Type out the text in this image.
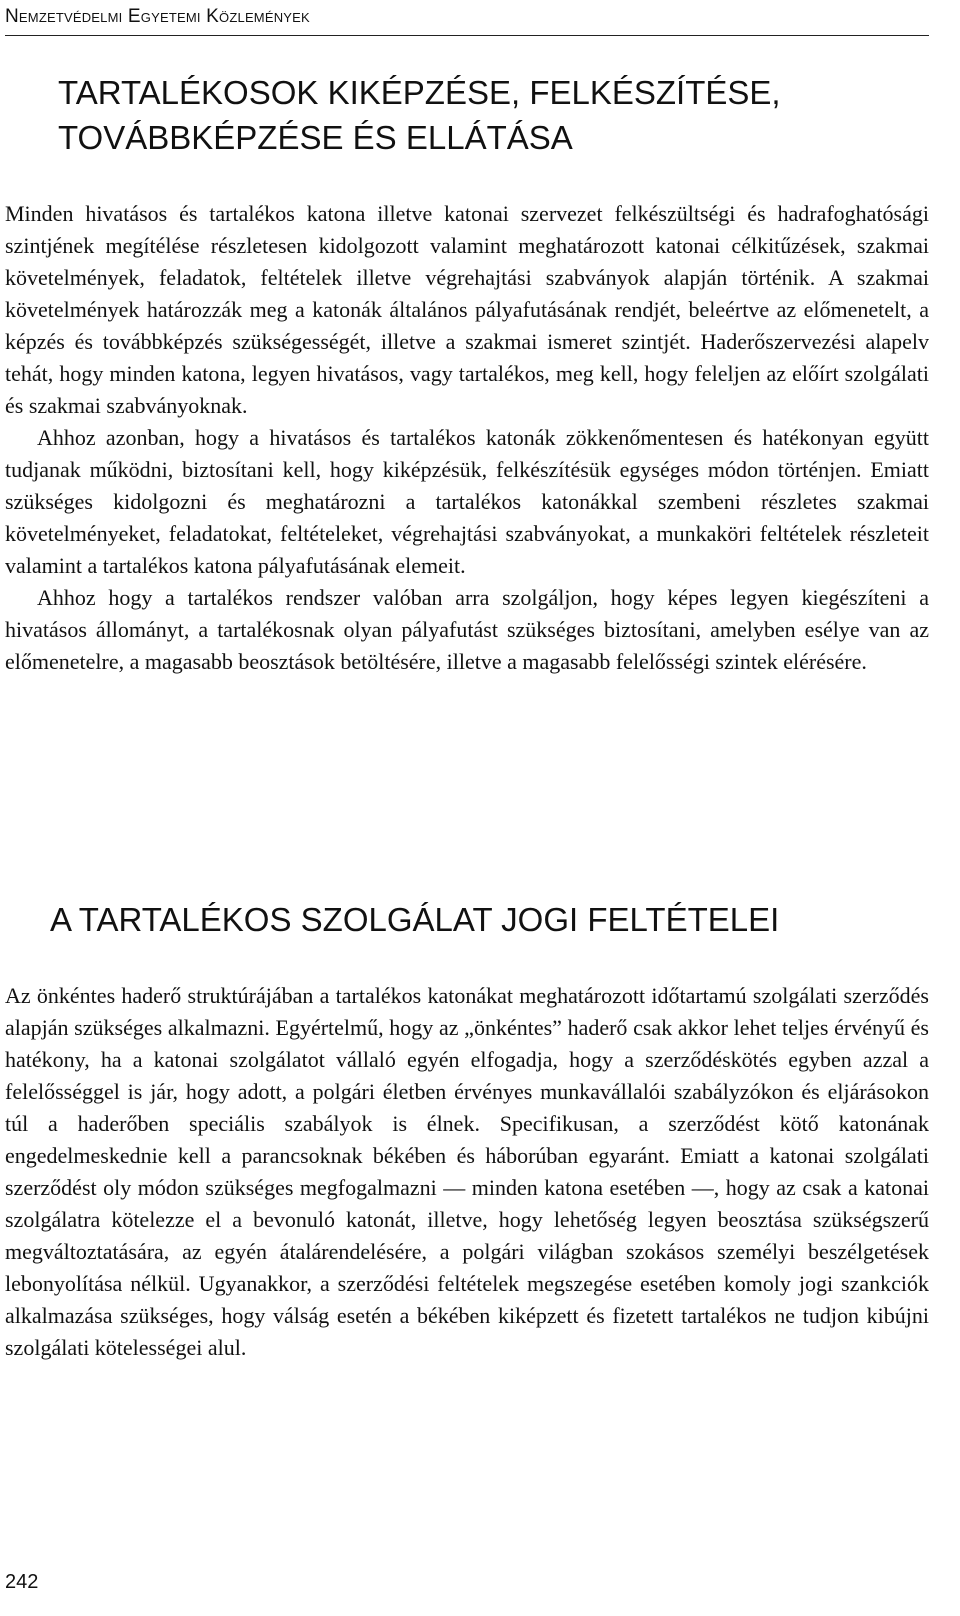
Nemzetvédelmi Egyetemi Közlemények
TARTALÉKOSOK KIKÉPZÉSE, FELKÉSZÍTÉSE,
TOVÁBBKÉPZÉSE ÉS ELLÁTÁSA

Minden hivatásos és tartalékos katona illetve katonai szervezet felkészültségi és hadrafoghatósági szintjének megítélése részletesen kidolgozott valamint meghatározott katonai célkitűzések, szakmai követelmények, feladatok, feltételek illetve végrehajtási szabványok alapján történik. A szakmai követelmények határozzák meg a katonák általános pályafutásának rendjét, beleértve az előmenetelt, a képzés és továbbképzés szükségességét, illetve a szakmai ismeret szintjét. Haderőszervezési alapelv tehát, hogy minden katona, legyen hivatásos, vagy tartalékos, meg kell, hogy feleljen az előírt szolgálati és szakmai szabványoknak.

Ahhoz azonban, hogy a hivatásos és tartalékos katonák zökkenőmentesen és hatékonyan együtt tudjanak működni, biztosítani kell, hogy kiképzésük, felkészítésük egységes módon történjen. Emiatt szükséges kidolgozni és meghatározni a tartalékos katonákkal szembeni részletes szakmai követelményeket, feladatokat, feltételeket, végrehajtási szabványokat, a munkaköri feltételek részleteit valamint a tartalékos katona pályafutásának elemeit.

Ahhoz hogy a tartalékos rendszer valóban arra szolgáljon, hogy képes legyen kiegészíteni a hivatásos állományt, a tartalékosnak olyan pályafutást szükséges biztosítani, amelyben esélye van az előmenetelre, a magasabb beosztások betöltésére, illetve a magasabb felelősségi szintek elérésére.

A TARTALÉKOS SZOLGÁLAT JOGI FELTÉTELEI

Az önkéntes haderő struktúrájában a tartalékos katonákat meghatározott időtartamú szolgálati szerződés alapján szükséges alkalmazni. Egyértelmű, hogy az „önkéntes” haderő csak akkor lehet teljes érvényű és hatékony, ha a katonai szolgálatot vállaló egyén elfogadja, hogy a szerződéskötés egyben azzal a felelősséggel is jár, hogy adott, a polgári életben érvényes munkavállalói szabályzókon és eljárásokon túl a haderőben speciális szabályok is élnek. Specifikusan, a szerződést kötő katonának engedelmeskednie kell a parancsoknak békében és háborúban egyaránt. Emiatt a katonai szolgálati szerződést oly módon szükséges megfogalmazni — minden katona esetében —, hogy az csak a katonai szolgálatra kötelezze el a bevonuló katonát, illetve, hogy lehetőség legyen beosztása szükségszerű megváltoztatására, az egyén átalárendelésére, a polgári világban szokásos személyi beszélgetések lebonyolítása nélkül. Ugyanakkor, a szerződési feltételek megszegése esetében komoly jogi szankciók alkalmazása szükséges, hogy válság esetén a békében kiképzett és fizetett tartalékos ne tudjon kibújni szolgálati kötelességei alul.

242
